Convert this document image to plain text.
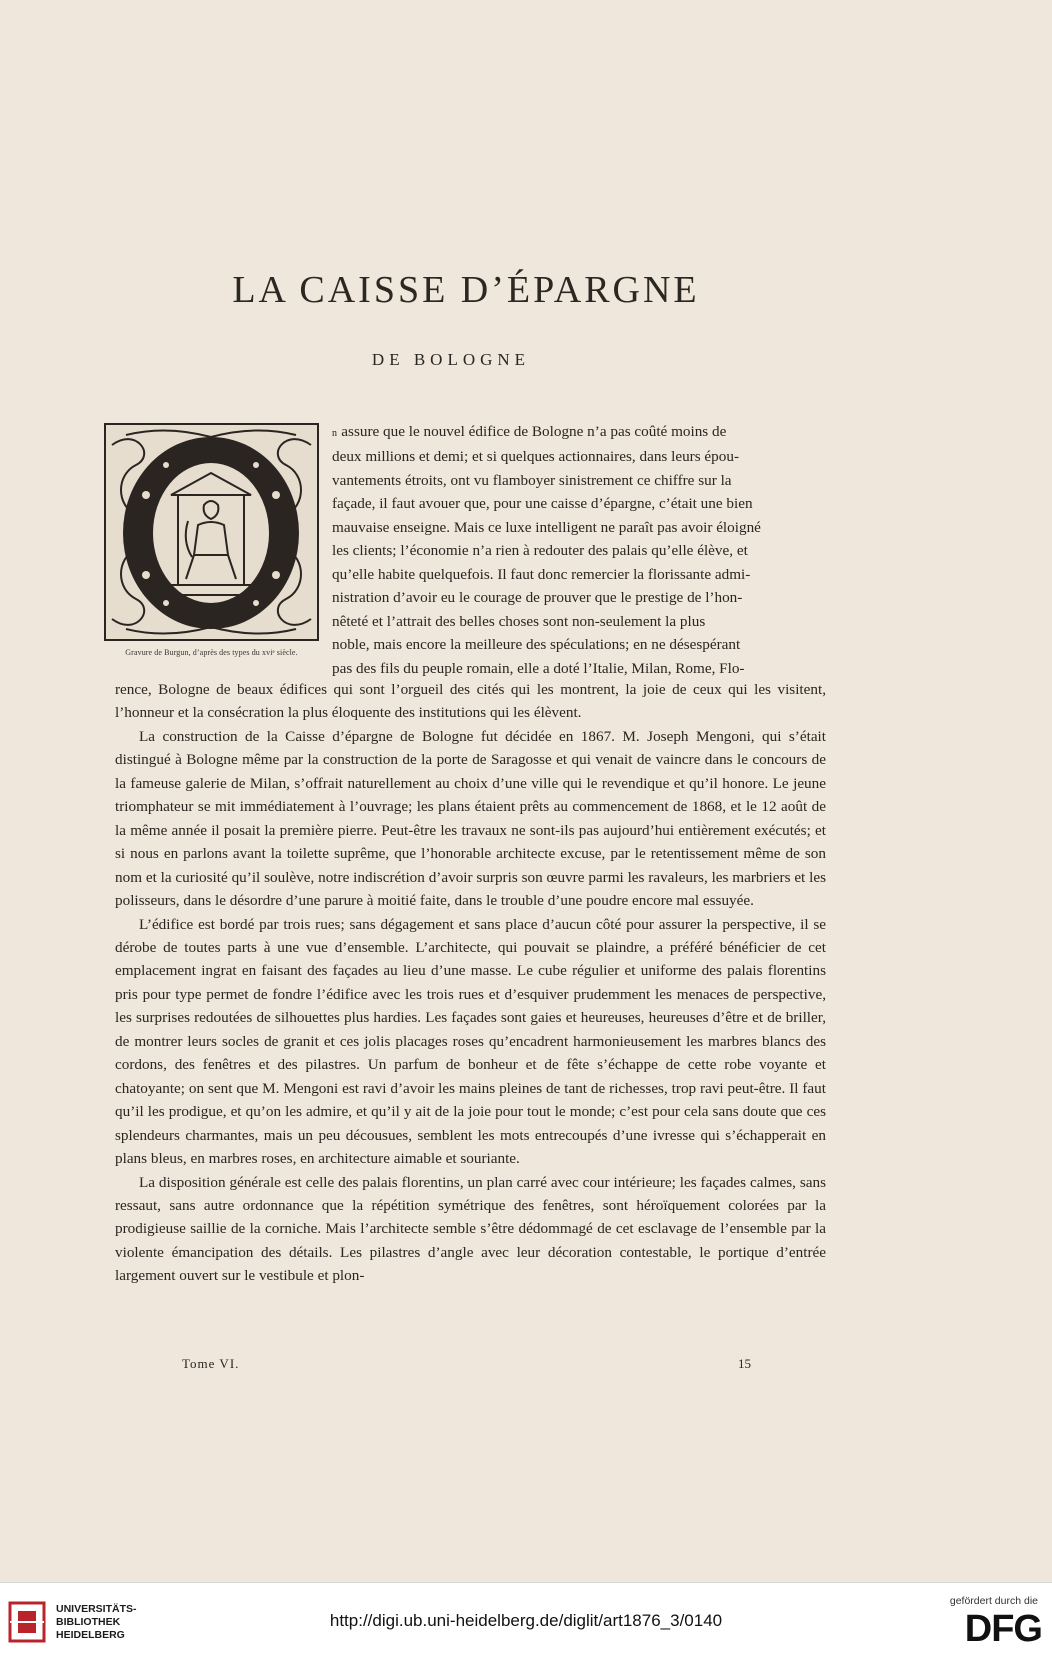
LA CAISSE D’ÉPARGNE
DE BOLOGNE
Gravure de Burgun, d’après des types du xviᵉ siècle.

n assure que le nouvel édifice de Bologne n’a pas coûté moins de

deux millions et demi; et si quelques actionnaires, dans leurs épou-

vantements étroits, ont vu flamboyer sinistrement ce chiffre sur la

façade, il faut avouer que, pour une caisse d’épargne, c’était une bien

mauvaise enseigne. Mais ce luxe intelligent ne paraît pas avoir éloigné

les clients; l’économie n’a rien à redouter des palais qu’elle élève, et

qu’elle habite quelquefois. Il faut donc remercier la florissante admi-

nistration d’avoir eu le courage de prouver que le prestige de l’hon-

nêteté et l’attrait des belles choses sont non-seulement la plus

noble, mais encore la meilleure des spéculations; en ne désespérant

pas des fils du peuple romain, elle a doté l’Italie, Milan, Rome, Flo-

rence, Bologne de beaux édifices qui sont l’orgueil des cités qui les montrent, la joie de ceux qui les visitent, l’honneur et la consécration la plus éloquente des institutions qui les élèvent.

La construction de la Caisse d’épargne de Bologne fut décidée en 1867. M. Joseph Mengoni, qui s’était distingué à Bologne même par la construction de la porte de Saragosse et qui venait de vaincre dans le concours de la fameuse galerie de Milan, s’offrait naturellement au choix d’une ville qui le revendique et qu’il honore. Le jeune triomphateur se mit immédiatement à l’ouvrage; les plans étaient prêts au commencement de 1868, et le 12 août de la même année il posait la première pierre. Peut-être les travaux ne sont-ils pas aujourd’hui entièrement exécutés; et si nous en parlons avant la toilette suprême, que l’honorable architecte excuse, par le retentissement même de son nom et la curiosité qu’il soulève, notre indiscrétion d’avoir surpris son œuvre parmi les ravaleurs, les marbriers et les polisseurs, dans le désordre d’une parure à moitié faite, dans le trouble d’une poudre encore mal essuyée.

L’édifice est bordé par trois rues; sans dégagement et sans place d’aucun côté pour assurer la perspective, il se dérobe de toutes parts à une vue d’ensemble. L’architecte, qui pouvait se plaindre, a préféré bénéficier de cet emplacement ingrat en faisant des façades au lieu d’une masse. Le cube régulier et uniforme des palais florentins pris pour type permet de fondre l’édifice avec les trois rues et d’esquiver prudemment les menaces de perspective, les surprises redoutées de silhouettes plus hardies. Les façades sont gaies et heureuses, heureuses d’être et de briller, de montrer leurs socles de granit et ces jolis placages roses qu’encadrent harmonieusement les marbres blancs des cordons, des fenêtres et des pilastres. Un parfum de bonheur et de fête s’échappe de cette robe voyante et chatoyante; on sent que M. Mengoni est ravi d’avoir les mains pleines de tant de richesses, trop ravi peut-être. Il faut qu’il les prodigue, et qu’on les admire, et qu’il y ait de la joie pour tout le monde; c’est pour cela sans doute que ces splendeurs charmantes, mais un peu décousues, semblent les mots entrecoupés d’une ivresse qui s’échapperait en plans bleus, en marbres roses, en architecture aimable et souriante.

La disposition générale est celle des palais florentins, un plan carré avec cour intérieure; les façades calmes, sans ressaut, sans autre ordonnance que la répétition symétrique des fenêtres, sont héroïquement colorées par la prodigieuse saillie de la corniche. Mais l’architecte semble s’être dédommagé de cet esclavage de l’ensemble par la violente émancipation des détails. Les pilastres d’angle avec leur décoration contestable, le portique d’entrée largement ouvert sur le vestibule et plon-

Tome VI.	15
UNIVERSITÄTS-
BIBLIOTHEK
HEIDELBERG
http://digi.ub.uni-heidelberg.de/diglit/art1876_3/0140
gefördert durch die
DFG
